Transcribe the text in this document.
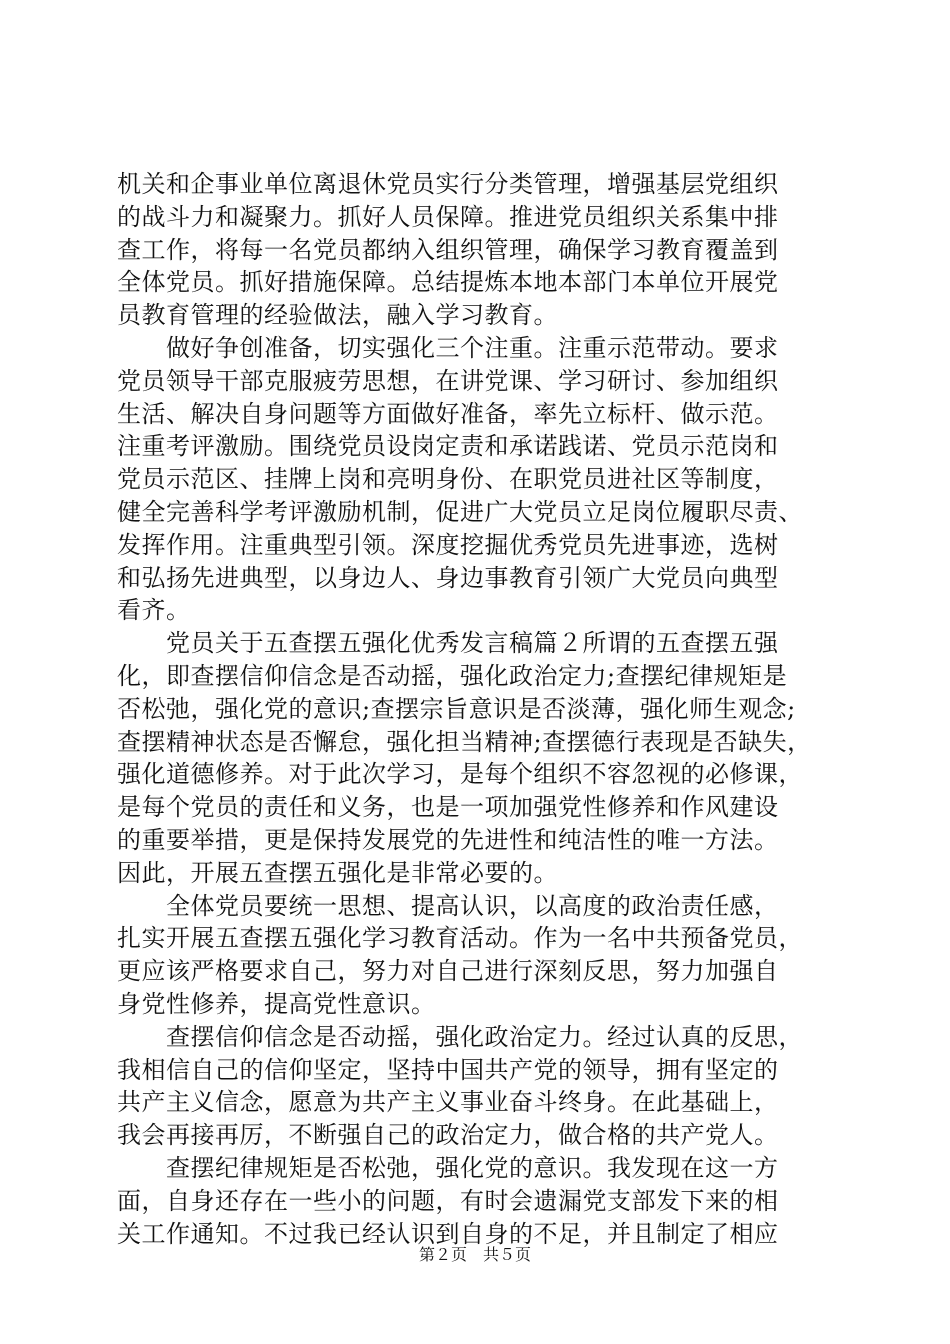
机关和企事业单位离退休党员实行分类管理，增强基层党组织
的战斗力和凝聚力。抓好人员保障。推进党员组织关系集中排
查工作，将每一名党员都纳入组织管理，确保学习教育覆盖到
全体党员。抓好措施保障。总结提炼本地本部门本单位开展党
员教育管理的经验做法，融入学习教育。
　　做好争创准备，切实强化三个注重。注重示范带动。要求
党员领导干部克服疲劳思想，在讲党课、学习研讨、参加组织
生活、解决自身问题等方面做好准备，率先立标杆、做示范。
注重考评激励。围绕党员设岗定责和承诺践诺、党员示范岗和
党员示范区、挂牌上岗和亮明身份、在职党员进社区等制度，
健全完善科学考评激励机制，促进广大党员立足岗位履职尽责、
发挥作用。注重典型引领。深度挖掘优秀党员先进事迹，选树
和弘扬先进典型，以身边人、身边事教育引领广大党员向典型
看齐。
　　党员关于五查摆五强化优秀发言稿篇２所谓的五查摆五强
化，即查摆信仰信念是否动摇，强化政治定力;查摆纪律规矩是
否松弛，强化党的意识;查摆宗旨意识是否淡薄，强化师生观念;
查摆精神状态是否懈怠，强化担当精神;查摆德行表现是否缺失，
强化道德修养。对于此次学习，是每个组织不容忽视的必修课，
是每个党员的责任和义务，也是一项加强党性修养和作风建设
的重要举措，更是保持发展党的先进性和纯洁性的唯一方法。
因此，开展五查摆五强化是非常必要的。
　　全体党员要统一思想、提高认识，以高度的政治责任感，
扎实开展五查摆五强化学习教育活动。作为一名中共预备党员，
更应该严格要求自己，努力对自己进行深刻反思，努力加强自
身党性修养，提高党性意识。
　　查摆信仰信念是否动摇，强化政治定力。经过认真的反思，
我相信自己的信仰坚定，坚持中国共产党的领导，拥有坚定的
共产主义信念，愿意为共产主义事业奋斗终身。在此基础上，
我会再接再厉，不断强自己的政治定力，做合格的共产党人。
　　查摆纪律规矩是否松弛，强化党的意识。我发现在这一方
面，自身还存在一些小的问题，有时会遗漏党支部发下来的相
关工作通知。不过我已经认识到自身的不足，并且制定了相应
第２页　共５页
